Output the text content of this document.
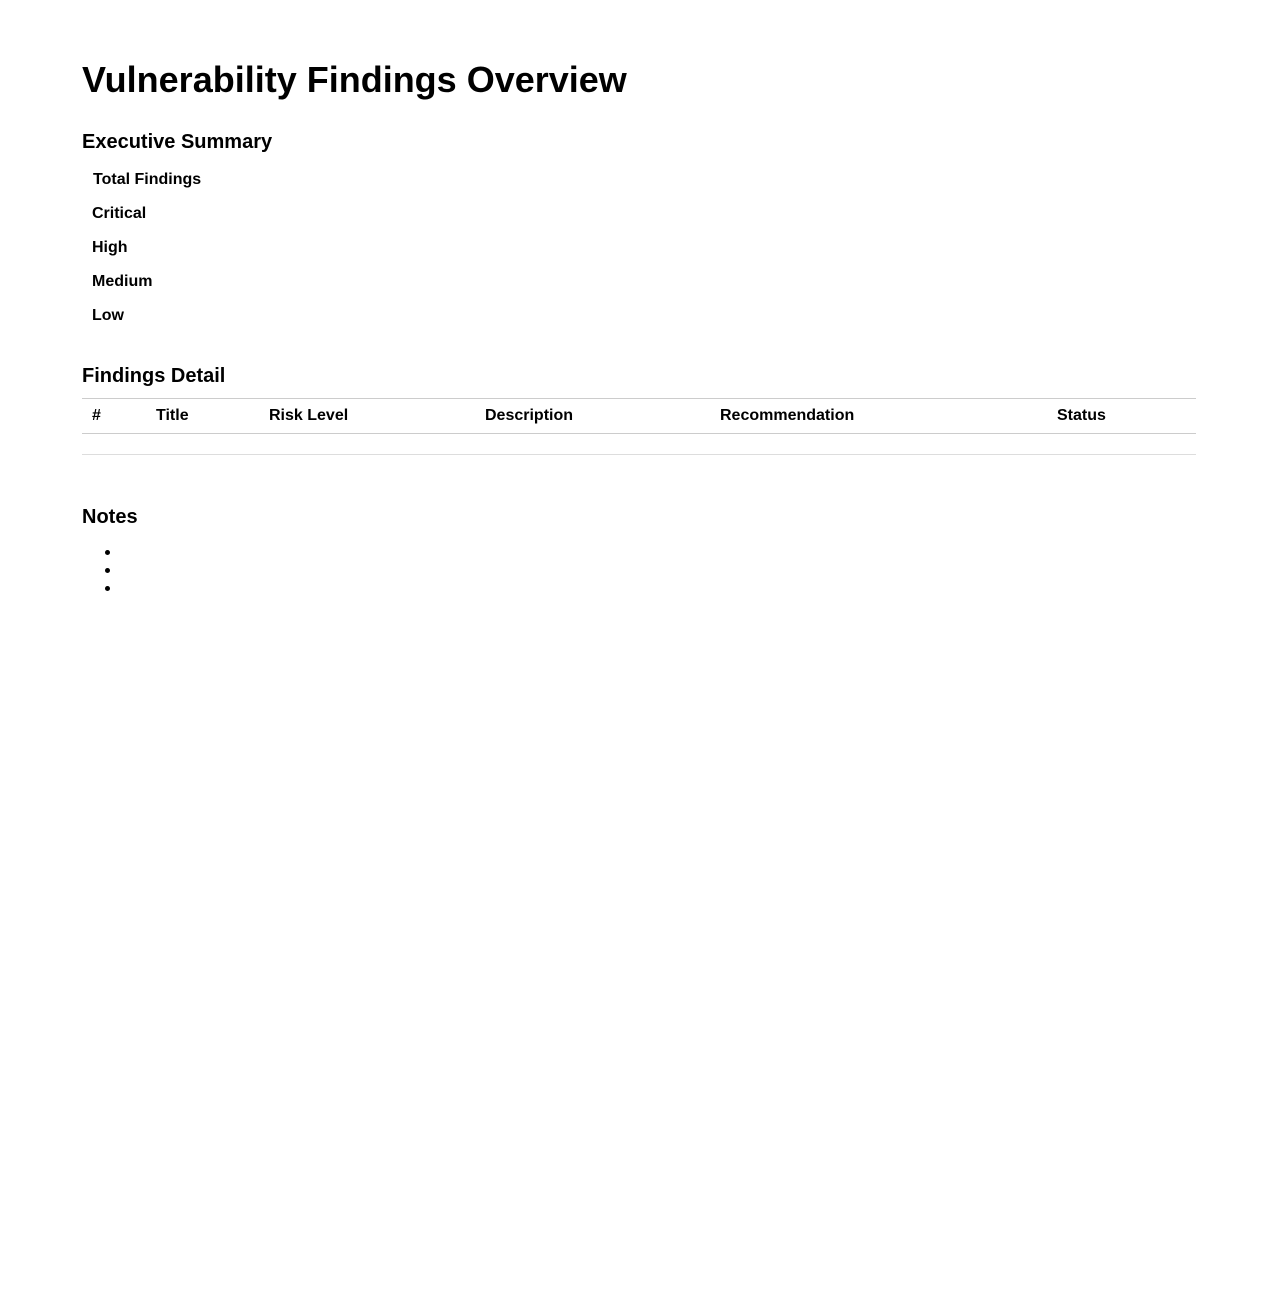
Vulnerability Findings Overview
Executive Summary
Total Findings
Critical
High
Medium
Low
Findings Detail
#	Title	Risk Level	Description	Recommendation	Status

Notes
